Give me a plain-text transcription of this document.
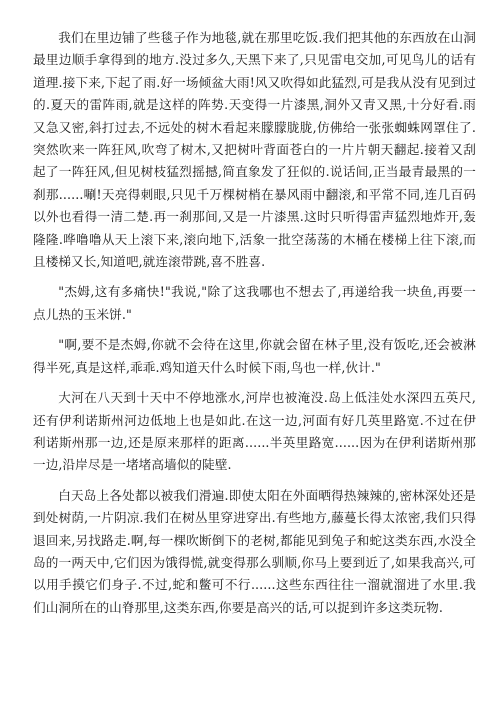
我们在里边铺了些毯子作为地毯,就在那里吃饭.我们把其他的东西放在山洞最里边顺手拿得到的地方.没过多久,天黑下来了,只见雷电交加,可见鸟儿的话有道理.接下来,下起了雨.好一场倾盆大雨!风又吹得如此猛烈,可是我从没有见到过的.夏天的雷阵雨,就是这样的阵势.天变得一片漆黑,洞外又青又黑,十分好看.雨又急又密,斜打过去,不远处的树木看起来朦朦胧胧,仿佛给一张张蜘蛛网罩住了.突然吹来一阵狂风,吹弯了树木,又把树叶背面苍白的一片片朝天翻起.接着又刮起了一阵狂风,但见树枝猛烈摇撼,简直象发了狂似的.说话间,正当最青最黑的一刹那......唰!天亮得刺眼,只见千万棵树梢在暴风雨中翻滚,和平常不同,连几百码以外也看得一清二楚.再一刹那间,又是一片漆黑.这时只听得雷声猛烈地炸开,轰隆隆.哗噜噜从天上滚下来,滚向地下,活象一批空荡荡的木桶在楼梯上往下滚,而且楼梯又长,知道吧,就连滚带跳,喜不胜喜.

"杰姆,这有多痛快!"我说,"除了这我哪也不想去了,再递给我一块鱼,再要一点儿热的玉米饼."

"啊,要不是杰姆,你就不会待在这里,你就会留在林子里,没有饭吃,还会被淋得半死,真是这样,乖乖.鸡知道天什么时候下雨,鸟也一样,伙计."

大河在八天到十天中不停地涨水,河岸也被淹没.岛上低洼处水深四五英尺,还有伊利诺斯州河边低地上也是如此.在这一边,河面有好几英里路宽.不过在伊利诺斯州那一边,还是原来那样的距离......半英里路宽......因为在伊利诺斯州那一边,沿岸尽是一堵堵高墙似的陡壁.

白天岛上各处都以被我们滑遍.即使太阳在外面晒得热辣辣的,密林深处还是到处树荫,一片阴凉.我们在树丛里穿进穿出.有些地方,藤蔓长得太浓密,我们只得退回来,另找路走.啊,每一棵吹断倒下的老树,都能见到兔子和蛇这类东西,水没全岛的一两天中,它们因为饿得慌,就变得那么驯顺,你马上要到近了,如果我高兴,可以用手摸它们身子.不过,蛇和鳖可不行......这些东西往往一溜就溜进了水里.我们山洞所在的山脊那里,这类东西,你要是高兴的话,可以捉到许多这类玩物.
